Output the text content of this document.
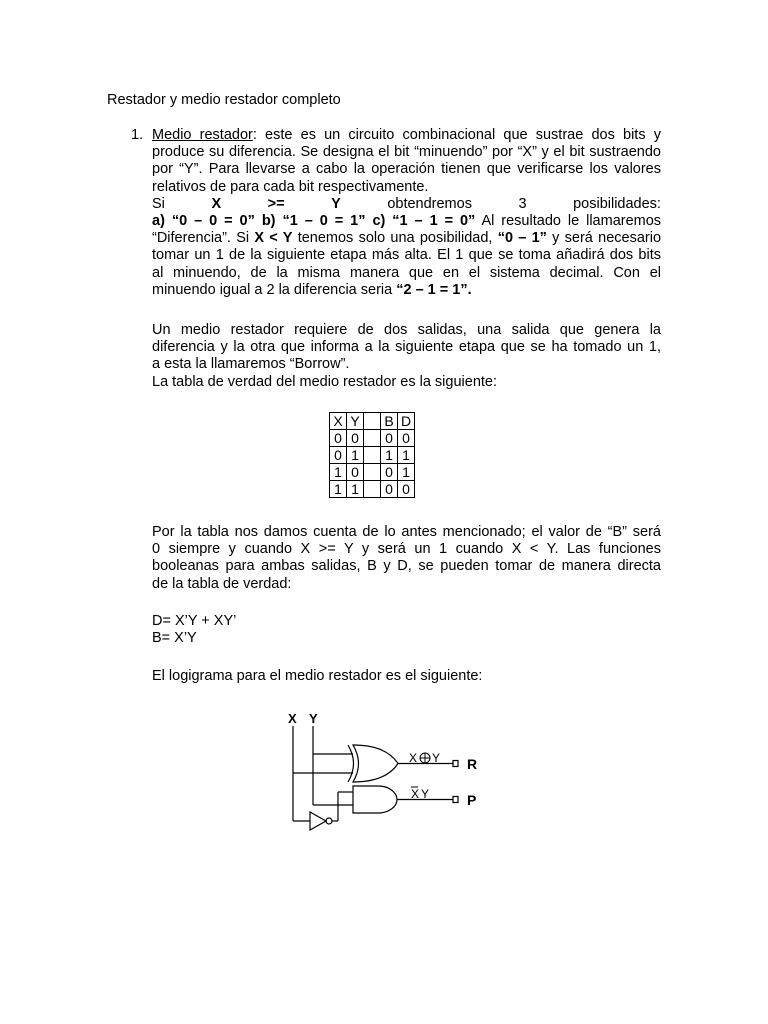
Restador y medio restador completo
1. Medio restador: este es un circuito combinacional que sustrae dos bits y

produce su diferencia. Se designa el bit “minuendo” por “X” y el bit sustraendo

por “Y”. Para llevarse a cabo la operación tienen que verificarse los valores

relativos de para cada bit respectivamente.

Si	X	>=	Y	obtendremos	3	posibilidades:

a) “0 – 0 = 0” b) “1 – 0 = 1” c) “1 – 1 = 0” Al resultado le llamaremos

“Diferencia”. Si X < Y tenemos solo una posibilidad, “0 – 1” y será necesario

tomar un 1 de la siguiente etapa más alta. El 1 que se toma añadirá dos bits

al minuendo, de la misma manera que en el sistema decimal. Con el

minuendo igual a 2 la diferencia seria “2 – 1 = 1”.

Un medio restador requiere de dos salidas, una salida que genera la

diferencia y la otra que informa a la siguiente etapa que se ha tomado un 1,

a esta la llamaremos “Borrow”.

La tabla de verdad del medio restador es la siguiente:

X	Y		B	D
0	0		0	0
0	1		1	1
1	0		0	1
1	1		0	0

Por la tabla nos damos cuenta de lo antes mencionado; el valor de “B” será

0 siempre y cuando X >= Y y será un 1 cuando X < Y. Las funciones

booleanas para ambas salidas, B y D, se pueden tomar de manera directa

de la tabla de verdad:

D= X’Y + XY’

B= X’Y

El logigrama para el medio restador es el siguiente:

X Y
X Y
X Y
R
P
